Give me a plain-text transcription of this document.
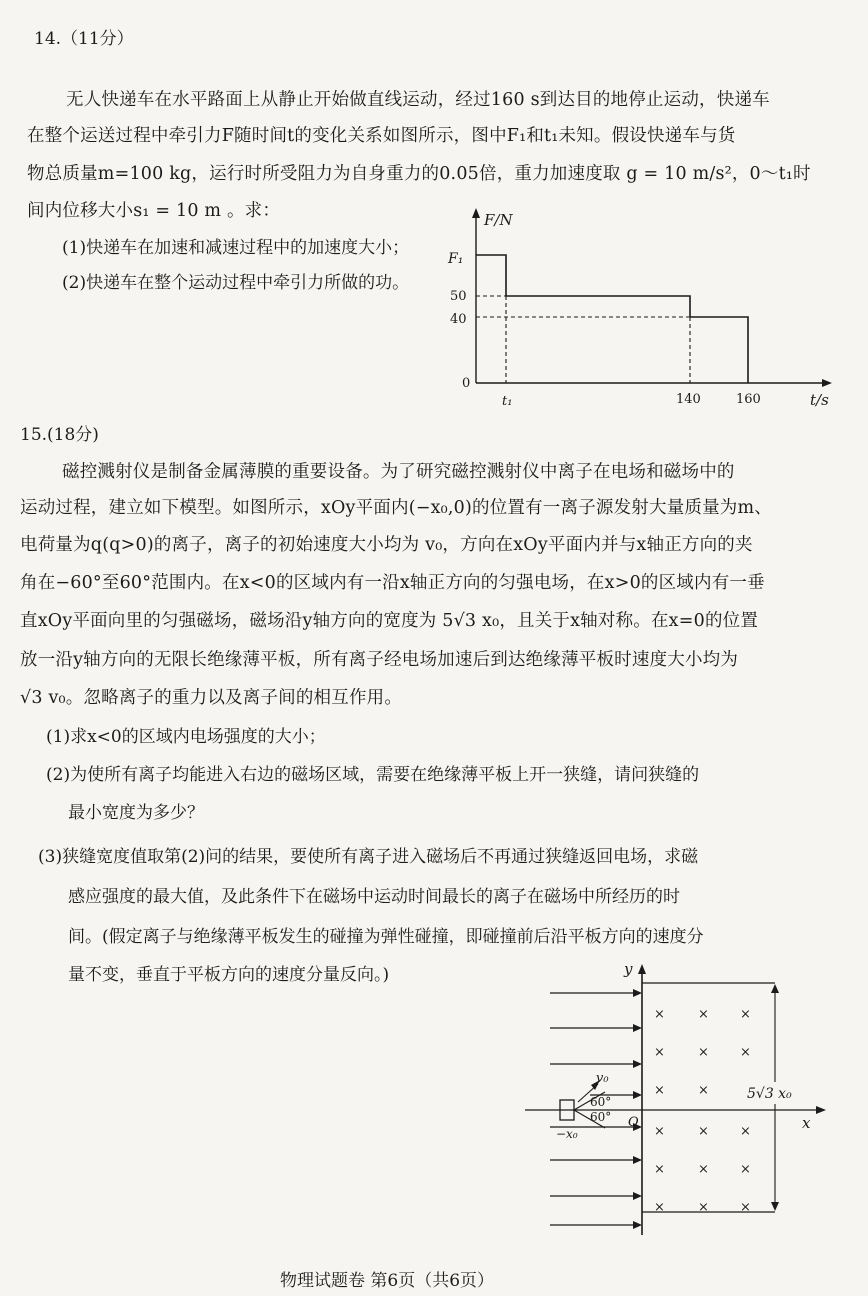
14.（11分）
无人快递车在水平路面上从静止开始做直线运动，经过160 s到达目的地停止运动，快递车
在整个运送过程中牵引力F随时间t的变化关系如图所示，图中F₁和t₁未知。假设快递车与货
物总质量m=100 kg，运行时所受阻力为自身重力的0.05倍，重力加速度取 g = 10 m/s²，0～t₁时
间内位移大小s₁ = 10 m 。求：
(1)快递车在加速和减速过程中的加速度大小；
(2)快递车在整个运动过程中牵引力所做的功。
F/N
t/s
F₁
50
40
0
t₁	140	160
15.(18分)
磁控溅射仪是制备金属薄膜的重要设备。为了研究磁控溅射仪中离子在电场和磁场中的
运动过程，建立如下模型。如图所示，xOy平面内(−x₀,0)的位置有一离子源发射大量质量为m、
电荷量为q(q>0)的离子，离子的初始速度大小均为 v₀，方向在xOy平面内并与x轴正方向的夹
角在−60°至60°范围内。在x<0的区域内有一沿x轴正方向的匀强电场，在x>0的区域内有一垂
直xOy平面向里的匀强磁场，磁场沿y轴方向的宽度为 5√3 x₀，且关于x轴对称。在x=0的位置
放一沿y轴方向的无限长绝缘薄平板，所有离子经电场加速后到达绝缘薄平板时速度大小均为
√3 v₀。忽略离子的重力以及离子间的相互作用。
(1)求x<0的区域内电场强度的大小；
(2)为使所有离子均能进入右边的磁场区域，需要在绝缘薄平板上开一狭缝，请问狭缝的
最小宽度为多少？
(3)狭缝宽度值取第(2)问的结果，要使所有离子进入磁场后不再通过狭缝返回电场，求磁
感应强度的最大值，及此条件下在磁场中运动时间最长的离子在磁场中所经历的时
间。(假定离子与绝缘薄平板发生的碰撞为弹性碰撞，即碰撞前后沿平板方向的速度分
量不变，垂直于平板方向的速度分量反向。)
x
y
O
5√3 x₀
×	× ×
×	× ×
×	×
×	× ×
×	× ×
×	× ×
v₀
60°
60°
−x₀
物理试题卷 第6页（共6页）
